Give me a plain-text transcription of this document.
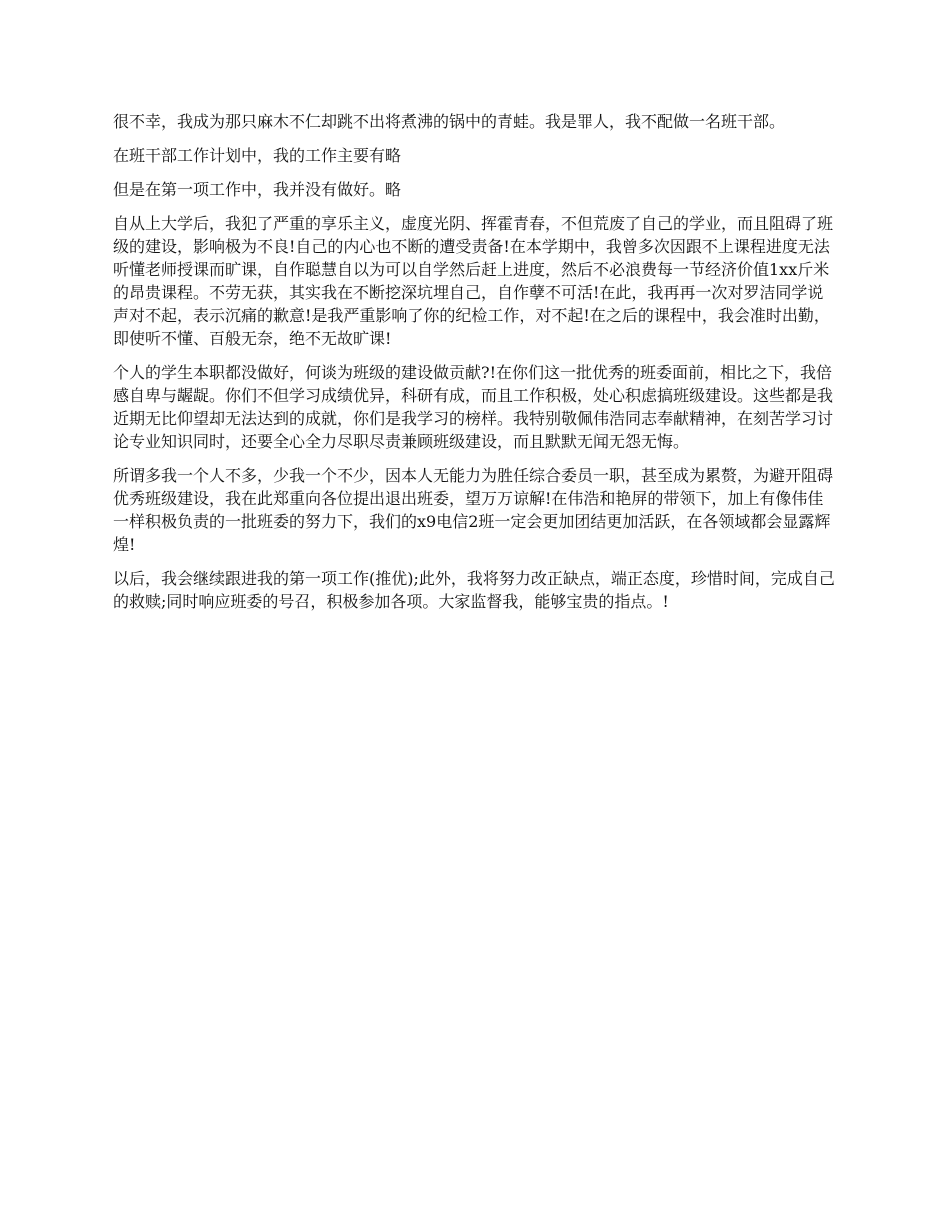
很不幸，我成为那只麻木不仁却跳不出将煮沸的锅中的青蛙。我是罪人，我不配做一名班干部。

在班干部工作计划中，我的工作主要有略

但是在第一项工作中，我并没有做好。略

自从上大学后，我犯了严重的享乐主义，虚度光阴、挥霍青春，不但荒废了自己的学业，而且阻碍了班级的建设，影响极为不良!自己的内心也不断的遭受责备!在本学期中，我曾多次因跟不上课程进度无法听懂老师授课而旷课，自作聪慧自以为可以自学然后赶上进度，然后不必浪费每一节经济价值1xx斤米的昂贵课程。不劳无获，其实我在不断挖深坑埋自己，自作孽不可活!在此，我再再一次对罗洁同学说声对不起，表示沉痛的歉意!是我严重影响了你的纪检工作，对不起!在之后的课程中，我会准时出勤，即使听不懂、百般无奈，绝不无故旷课!

个人的学生本职都没做好，何谈为班级的建设做贡献?!在你们这一批优秀的班委面前，相比之下，我倍感自卑与龌龊。你们不但学习成绩优异，科研有成，而且工作积极，处心积虑搞班级建设。这些都是我近期无比仰望却无法达到的成就，你们是我学习的榜样。我特别敬佩伟浩同志奉献精神，在刻苦学习讨论专业知识同时，还要全心全力尽职尽责兼顾班级建设，而且默默无闻无怨无悔。

所谓多我一个人不多，少我一个不少，因本人无能力为胜任综合委员一职，甚至成为累赘，为避开阻碍优秀班级建设，我在此郑重向各位提出退出班委，望万万谅解!在伟浩和艳屏的带领下，加上有像伟佳一样积极负责的一批班委的努力下，我们的x9电信2班一定会更加团结更加活跃，在各领域都会显露辉煌!

以后，我会继续跟进我的第一项工作(推优);此外，我将努力改正缺点，端正态度，珍惜时间，完成自己的救赎;同时响应班委的号召，积极参加各项。大家监督我，能够宝贵的指点。!
